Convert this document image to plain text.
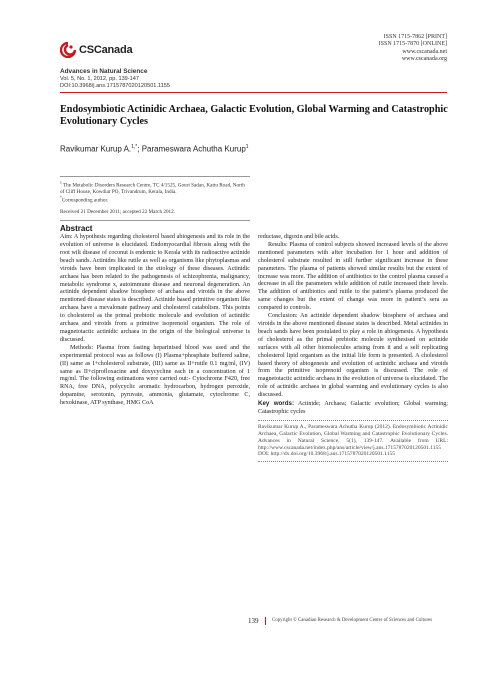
CSCanada
Advances in Natural Science
Vol. 5, No. 1, 2012, pp. 139-147
DOI:10.3968/j.ans.1715787020120501.1155
ISSN 1715-7862 [PRINT]
ISSN 1715-7870 [ONLINE]
www.cscanada.net
www.cscanada.org
Endosymbiotic Actinidic Archaea, Galactic Evolution, Global Warming and Catastrophic Evolutionary Cycles
Ravikumar Kurup A.$^{1,*}$; Parameswara Achutha Kurup$^1$
$^1$ The Metabolic Disorders Research Centre, TC 4/1525, Gouri Sadan, Kattu Road, North of Cliff House, Kowdiar PO, Trivandrum, Kerala, India.
*Corresponding author.
Received 21 December 2011; accepted 22 March 2012.
Abstract

Aim: A hypothesis regarding cholesterol based abiogenesis and its role in the evolution of universe is elucidated. Endomyocardial fibrosis along with the root wilt disease of coconut is endemic to Kerala with its radioactive actinide beach sands. Actinides like rutile as well as organisms like phytoplasmas and viroids have been implicated in the etiology of these diseases. Actinidic archaea has been related to the pathogenesis of schizophrenia, malignancy, metabolic syndrome x, autoimmune disease and neuronal degeneration. An actinide dependent shadow biosphere of archaea and viroids in the above mentioned disease states is described. Actinide based primitive organism like archaea have a mevalonate pathway and cholesterol catabolism. This points to cholesterol as the primal prebiotic molecule and evolution of actinidic archaea and viroids from a primitive isoprenoid organism. The role of magnetotactic actinidic archaea in the origin of the biological universe is discussed.

Methods: Plasma from fasting heparinised blood was used and the experimental protocol was as follows (I) Plasma+phosphate buffered saline, (II) same as I+cholesterol substrate, (III) same as II+rutile 0.1 mg/ml, (IV) same as II+ciprofloxacine and doxycycline each in a concentration of 1 mg/ml. The following estimations were carried out:- Cytochrome F420, free RNA, free DNA, polycyclic aromatic hydrocarbon, hydrogen peroxide, dopamine, serotonin, pyruvate, ammonia, glutamate, cytochrome C, hexokinase, ATP synthase, HMG CoA

reductase, digoxin and bile acids.

Results: Plasma of control subjects showed increased levels of the above mentioned parameters with after incubation for 1 hour and addition of cholesterol substrate resulted in still further significant increase in these parameters. The plasma of patients showed similar results but the extent of increase was more. The addition of antibiotics to the control plasma caused a decrease in all the parameters while addition of rutile increased their levels. The addition of antibiotics and rutile to the patient’s plasma produced the same changes but the extent of change was more in patient’s sera as compared to controls.

Conclusion: An actinide dependent shadow biosphere of archaea and viroids in the above mentioned disease states is described. Metal actinides in beach sands have been postulated to play a role in abiogenesis. A hypothesis of cholesterol as the primal prebiotic molecule synthesised on actinide surfaces with all other biomolecules arising from it and a self replicating cholesterol lipid organism as the initial life form is presented. A cholesterol based theory of abiogenesis and evolution of actinidic archaea and viroids from the primitive isoprenoid organism is discussed. The role of magnetotactic actinidic archaea in the evolution of universe is elucidated. The role of actinidic archaea in global warming and evolutionary cycles is also discussed.

Key words: Actinide; Archaea; Galactic evolution; Global warming; Catastrophic cycles

Ravikumar Kurup A., Parameswara Achutha Kurup (2012). Endosymbiotic Actinidic Archaea, Galactic Evolution, Global Warming and Catastrophic Evolutionary Cycles. Advances in Natural Science, 5(1), 139-147. Available from URL: http://www.cscanada.net/index.php/ans/article/view/j.ans.1715787020120501.1155 DOI: http://dx.doi.org/10.3968/j.ans.1715787020120501.1155
139	Copyright © Canadian Research & Development Center of Sciences and Cultures
